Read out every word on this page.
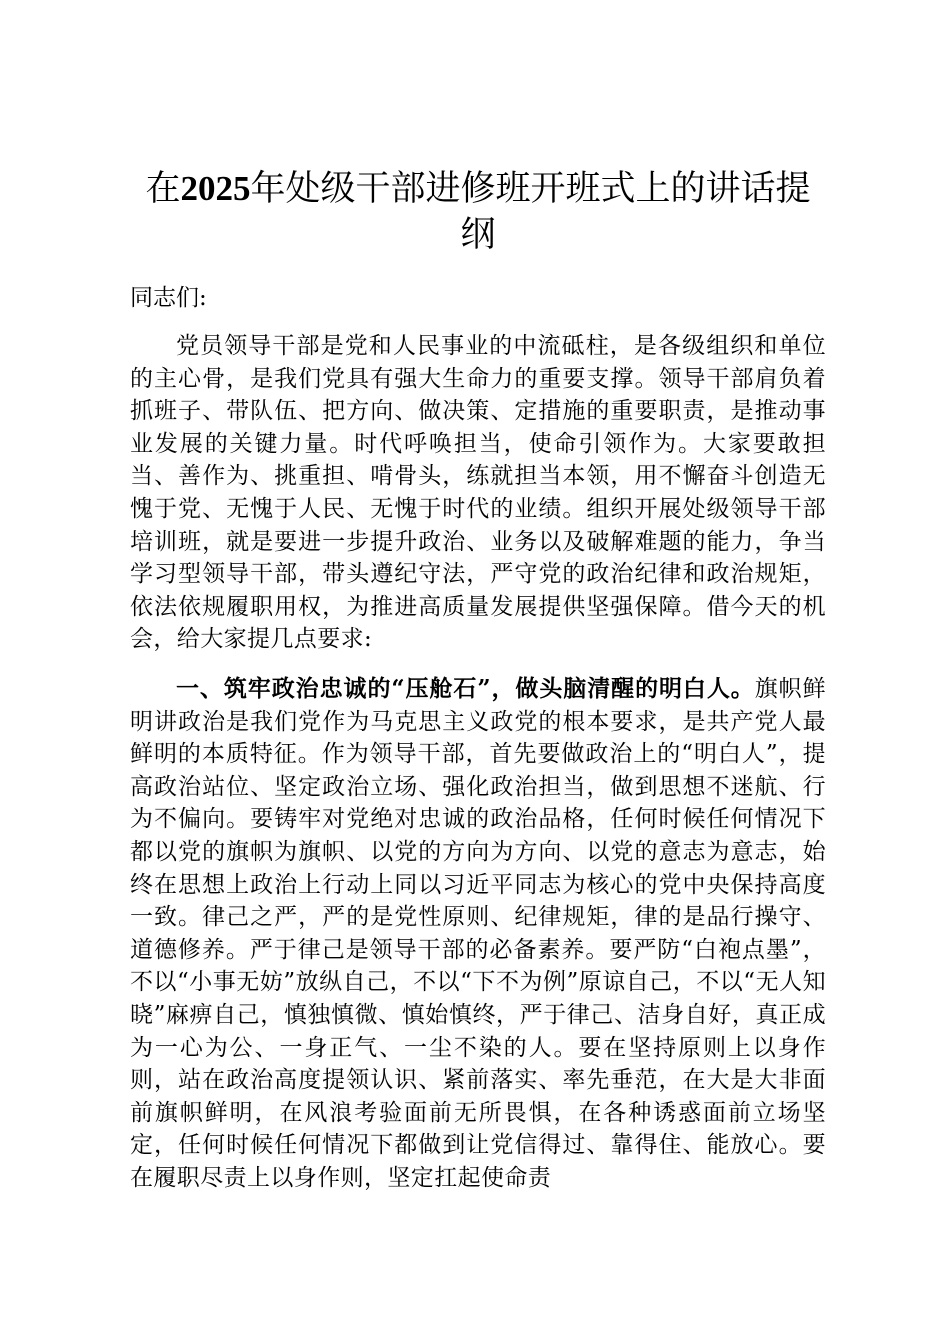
在2025年处级干部进修班开班式上的讲话提纲

同志们:

党员领导干部是党和人民事业的中流砥柱，是各级组织和单位的主心骨，是我们党具有强大生命力的重要支撑。领导干部肩负着抓班子、带队伍、把方向、做决策、定措施的重要职责，是推动事业发展的关键力量。时代呼唤担当，使命引领作为。大家要敢担当、善作为、挑重担、啃骨头，练就担当本领，用不懈奋斗创造无愧于党、无愧于人民、无愧于时代的业绩。组织开展处级领导干部培训班，就是要进一步提升政治、业务以及破解难题的能力，争当学习型领导干部，带头遵纪守法，严守党的政治纪律和政治规矩，依法依规履职用权，为推进高质量发展提供坚强保障。借今天的机会，给大家提几点要求:

一、筑牢政治忠诚的“压舱石”，做头脑清醒的明白人。旗帜鲜明讲政治是我们党作为马克思主义政党的根本要求，是共产党人最鲜明的本质特征。作为领导干部，首先要做政治上的“明白人”，提高政治站位、坚定政治立场、强化政治担当，做到思想不迷航、行为不偏向。要铸牢对党绝对忠诚的政治品格，任何时候任何情况下都以党的旗帜为旗帜、以党的方向为方向、以党的意志为意志，始终在思想上政治上行动上同以习近平同志为核心的党中央保持高度一致。律己之严，严的是党性原则、纪律规矩，律的是品行操守、道德修养。严于律己是领导干部的必备素养。要严防“白袍点墨”，不以“小事无妨”放纵自己，不以“下不为例”原谅自己，不以“无人知晓”麻痹自己，慎独慎微、慎始慎终，严于律己、洁身自好，真正成为一心为公、一身正气、一尘不染的人。要在坚持原则上以身作则，站在政治高度提领认识、紧前落实、率先垂范，在大是大非面前旗帜鲜明，在风浪考验面前无所畏惧，在各种诱惑面前立场坚定，任何时候任何情况下都做到让党信得过、靠得住、能放心。要在履职尽责上以身作则，坚定扛起使命责
